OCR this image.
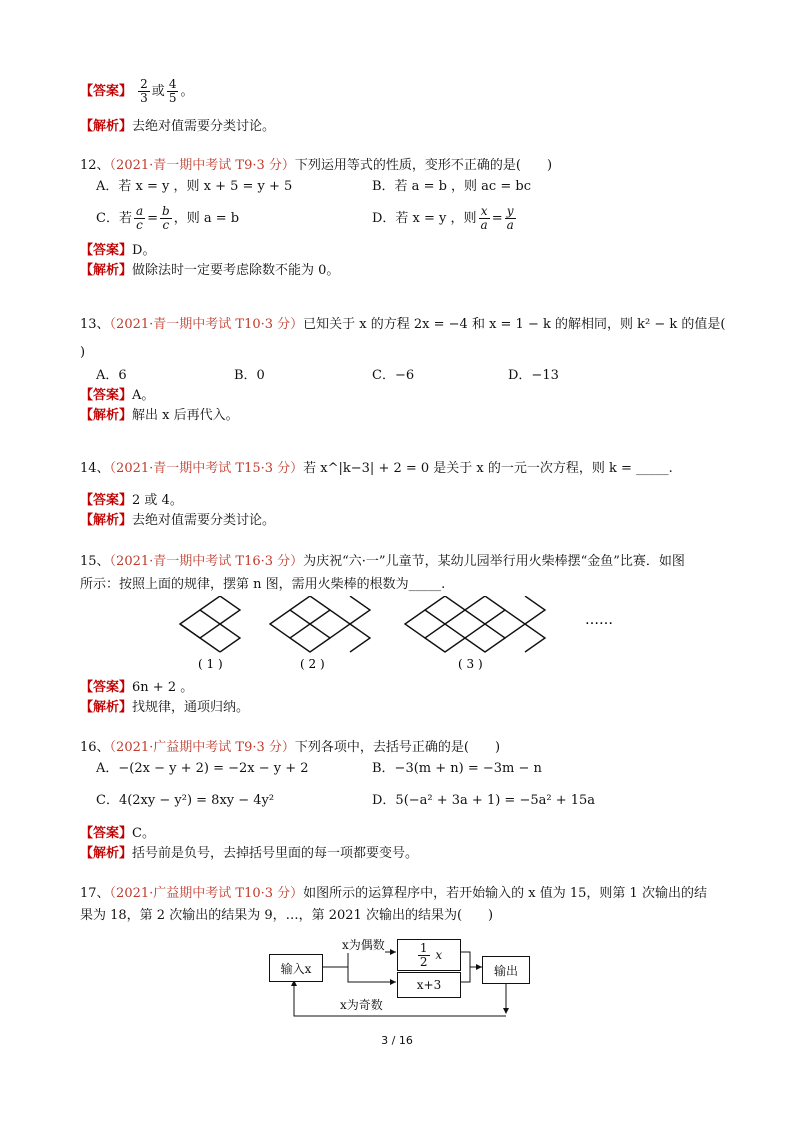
【答案】 $\frac{2}{3}$ 或 $\frac{4}{5}$ 。
【解析】去绝对值需要分类讨论。
12、（2021·青一期中考试 T9·3 分）下列运用等式的性质，变形不正确的是(　　)
A．若 x = y ，则 x + 5 = y + 5	B．若 a = b ，则 ac = bc
C．若 $\frac{a}{c} = \frac{b}{c}$ ，则 a = b	D．若 x = y ，则 $\frac{x}{a} = \frac{y}{a}$
【答案】D。
【解析】做除法时一定要考虑除数不能为 0。
13、（2021·青一期中考试 T10·3 分）已知关于 x 的方程 2x = −4 和 x = 1 − k 的解相同，则 k² − k 的值是(
)
A．6	B．0	C．−6	D．−13
【答案】A。
【解析】解出 x 后再代入。
14、（2021·青一期中考试 T15·3 分）若 x^|k−3| + 2 = 0 是关于 x 的一元一次方程，则 k = _____.
【答案】2 或 4。
【解析】去绝对值需要分类讨论。
15、（2021·青一期中考试 T16·3 分）为庆祝“六·一”儿童节，某幼儿园举行用火柴棒摆“金鱼”比赛．如图
所示：按照上面的规律，摆第 n 图，需用火柴棒的根数为_____.
……
( 1 )	( 2 )	( 3 )
【答案】6n + 2 。
【解析】找规律，通项归纳。
16、（2021·广益期中考试 T9·3 分）下列各项中，去括号正确的是(　　)
A．−(2x − y + 2) = −2x − y + 2	B．−3(m + n) = −3m − n
C．4(2xy − y²) = 8xy − 4y²	D．5(−a² + 3a + 1) = −5a² + 15a
【答案】C。
【解析】括号前是负号，去掉括号里面的每一项都要变号。
17、（2021·广益期中考试 T10·3 分）如图所示的运算程序中，若开始输入的 x 值为 15，则第 1 次输出的结
果为 18，第 2 次输出的结果为 9，…，第 2021 次输出的结果为(　　)
输入x	$\frac{1}{2}$
x
x+3
输出
x为偶数
x为奇数
3 / 16
